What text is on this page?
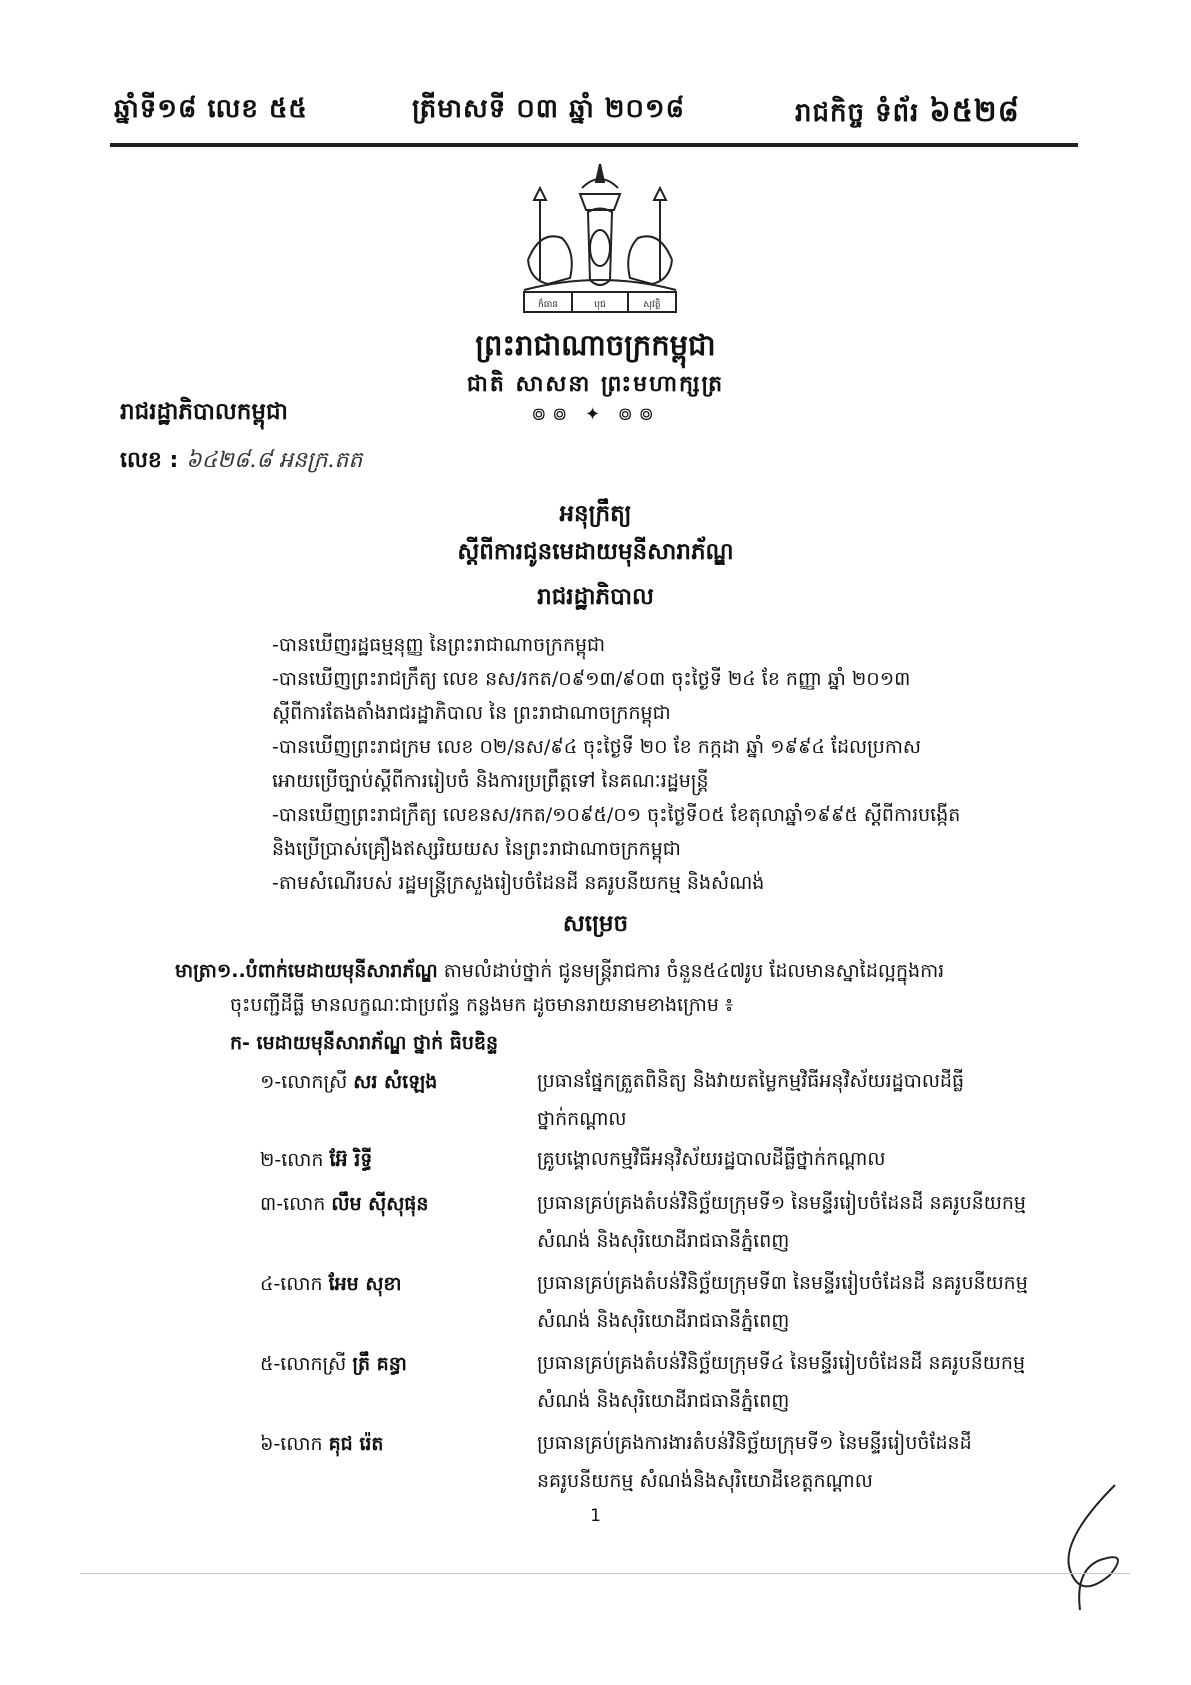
ឆ្នាំទី១៨ លេខ ៥៥	ត្រីមាសទី ០៣ ឆ្នាំ ២០១៨	រាជកិច្ច ទំព័រ ៦៥២៨
ក៏ធាន	បុជ	សុវត្ថិ
ព្រះរាជាណាចក្រកម្ពុជា
ជាតិ សាសនា ព្រះមហាក្សត្រ
៙៙ ✦ ៙៙
រាជរដ្ឋាភិបាលកម្ពុជា
លេខ : ៦៤២៨.៨ អនក្រ.តត
អនុក្រឹត្យ
ស្តីពីការជូនមេដាយមុនីសារាភ័ណ្ឌ
រាជរដ្ឋាភិបាល
-បានឃើញរដ្ឋធម្មនុញ្ញ នៃព្រះរាជាណាចក្រកម្ពុជា
-បានឃើញព្រះរាជក្រឹត្យ លេខ នស/រកត/០៩១៣/៩០៣ ចុះថ្ងៃទី ២៤ ខែ កញ្ញា ឆ្នាំ ២០១៣
ស្តីពីការតែងតាំងរាជរដ្ឋាភិបាល នៃ ព្រះរាជាណាចក្រកម្ពុជា
-បានឃើញព្រះរាជក្រម លេខ ០២/នស/៩៤ ចុះថ្ងៃទី ២០ ខែ កក្កដា ឆ្នាំ ១៩៩៤ ដែលប្រកាស
អោយប្រើច្បាប់ស្តីពីការរៀបចំ និងការប្រព្រឹត្តទៅ នៃគណៈរដ្ឋមន្ត្រី
-បានឃើញព្រះរាជក្រឹត្យ លេខនស/រកត/១០៩៥/០១ ចុះថ្ងៃទី០៥ ខែតុលាឆ្នាំ១៩៩៥ ស្តីពីការបង្កើត
និងប្រើប្រាស់គ្រឿងឥស្សរិយយស នៃព្រះរាជាណាចក្រកម្ពុជា
-តាមសំណើរបស់ រដ្ឋមន្ត្រីក្រសួងរៀបចំដែនដី នគរូបនីយកម្ម និងសំណង់
សម្រេច
មាត្រា១..បំពាក់មេដាយមុនីសារាភ័ណ្ឌ តាមលំដាប់ថ្នាក់ ជូនមន្ត្រីរាជការ ចំនួន៥៤៧រូប ដែលមានស្នាដៃល្អក្នុងការ
ចុះបញ្ជីដីធ្លី មានលក្ខណៈជាប្រព័ន្ធ កន្លងមក ដូចមានរាយនាមខាងក្រោម ៖
ក- មេដាយមុនីសារាភ័ណ្ឌ ថ្នាក់ ធិបឌិន្ទ
១-លោកស្រី សរ សំឡេង	ប្រធានផ្នែកត្រួតពិនិត្យ និងវាយតម្លៃកម្មវិធីអនុវិស័យរដ្ឋបាលដីធ្លី
ថ្នាក់កណ្តាល
២-លោក អ៊ែ រិទ្ធី	គ្រូបង្គោលកម្មវិធីអនុវិស័យរដ្ឋបាលដីធ្លីថ្នាក់កណ្តាល
៣-លោក លឹម ស៊ីសុផុន	ប្រធានគ្រប់គ្រងតំបន់វិនិច្ឆ័យក្រុមទី១ នៃមន្ទីររៀបចំដែនដី នគរូបនីយកម្ម
សំណង់ និងសុរិយោដីរាជធានីភ្នំពេញ
៤-លោក អែម សុខា	ប្រធានគ្រប់គ្រងតំបន់វិនិច្ឆ័យក្រុមទី៣ នៃមន្ទីររៀបចំដែនដី នគរូបនីយកម្ម
សំណង់ និងសុរិយោដីរាជធានីភ្នំពេញ
៥-លោកស្រី ត្រឹ គន្ធា	ប្រធានគ្រប់គ្រងតំបន់វិនិច្ឆ័យក្រុមទី៤ នៃមន្ទីររៀបចំដែនដី នគរូបនីយកម្ម
សំណង់ និងសុរិយោដីរាជធានីភ្នំពេញ
៦-លោក គុជ រ៉េត	ប្រធានគ្រប់គ្រងការងារតំបន់វិនិច្ឆ័យក្រុមទី១ នៃមន្ទីររៀបចំដែនដី
នគរូបនីយកម្ម សំណង់និងសុរិយោដីខេត្តកណ្តាល
1
